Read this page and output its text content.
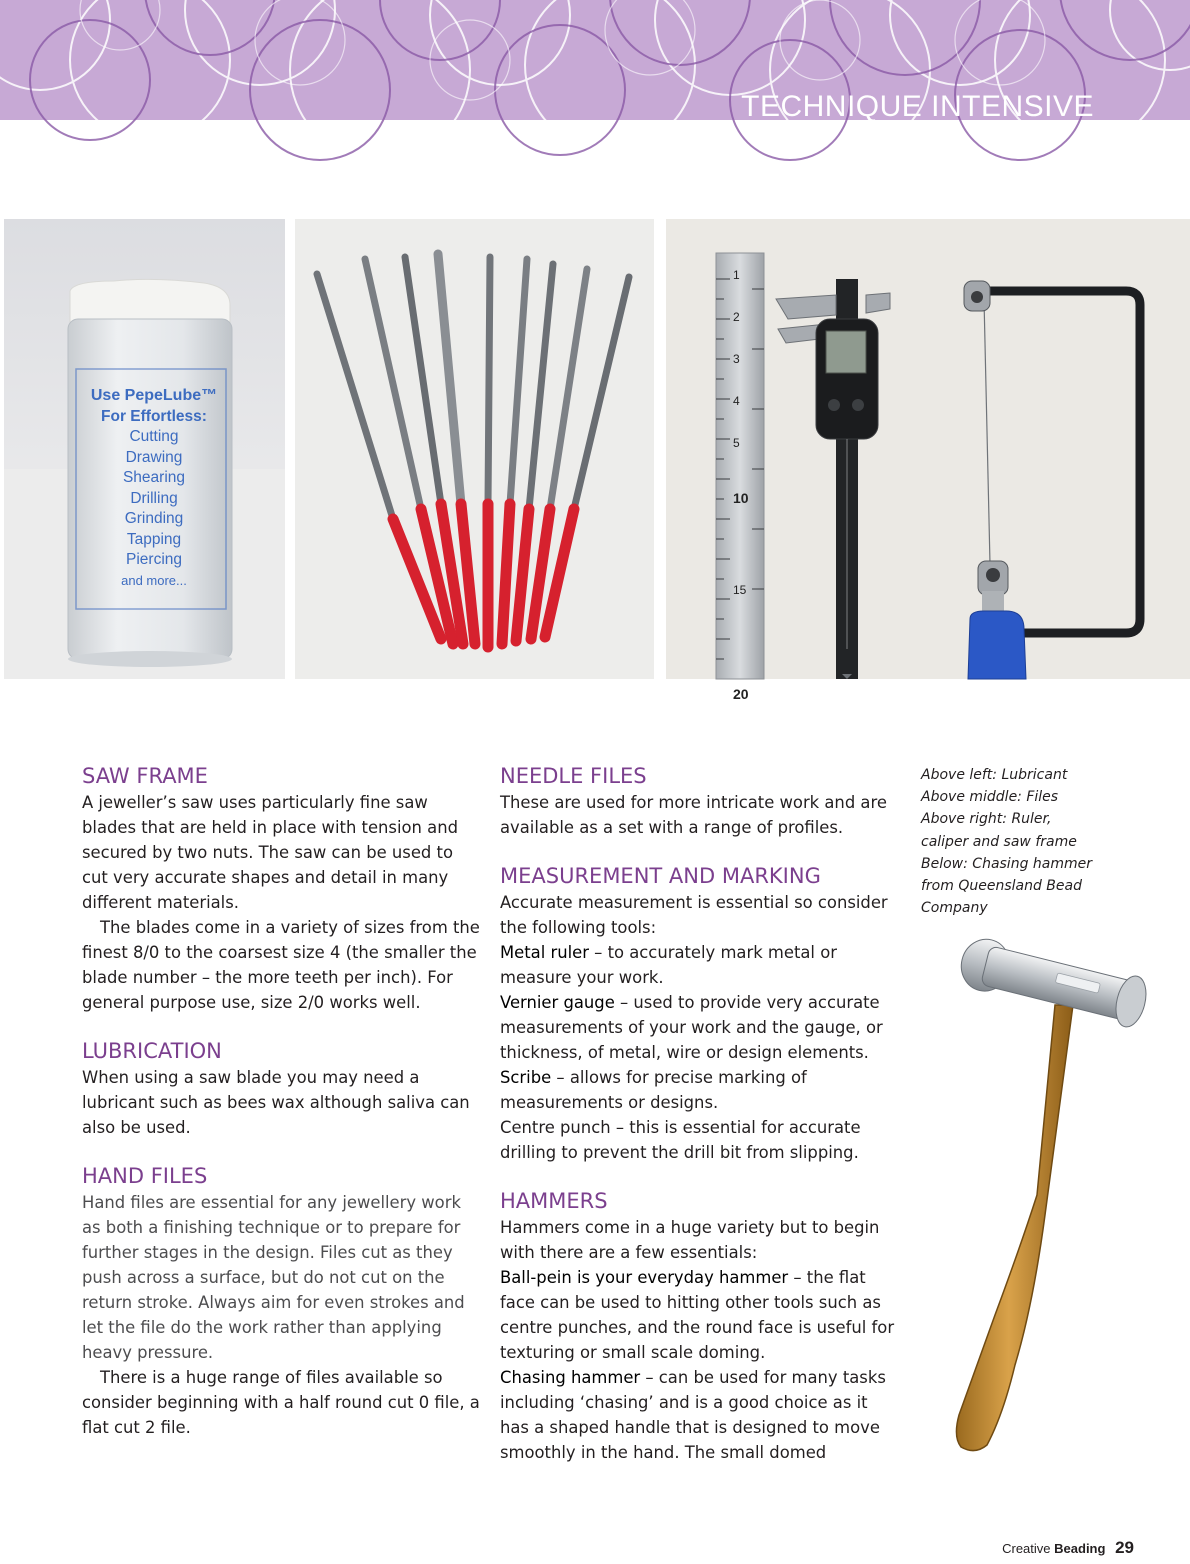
TECHNIQUE INTENSIVE
Use PepeLube™
For Effortless:
Cutting
Drawing
Shearing
Drilling
Grinding
Tapping
Piercing
and more...
1
2
3
4
5
10
15
20
SAW FRAME

A jeweller’s saw uses particularly fine saw blades that are held in place with tension and secured by two nuts. The saw can be used to cut very accurate shapes and detail in many different materials.

The blades come in a variety of sizes from the finest 8/0 to the coarsest size 4 (the smaller the blade number – the more teeth per inch). For general purpose use, size 2/0 works well.

LUBRICATION

When using a saw blade you may need a lubricant such as bees wax although saliva can also be used.

HAND FILES

Hand files are essential for any jewellery work as both a finishing technique or to prepare for further stages in the design. Files cut as they push across a surface, but do not cut on the return stroke. Always aim for even strokes and let the file do the work rather than applying heavy pressure.

There is a huge range of files available so consider beginning with a half round cut 0 file, a flat cut 2 file.

NEEDLE FILES

These are used for more intricate work and are available as a set with a range of profiles.

MEASUREMENT AND MARKING

Accurate measurement is essential so consider the following tools:

Metal ruler – to accurately mark metal or measure your work.

Vernier gauge – used to provide very accurate measurements of your work and the gauge, or thickness, of metal, wire or design elements.

Scribe – allows for precise marking of measurements or designs.

Centre punch – this is essential for accurate drilling to prevent the drill bit from slipping.

HAMMERS

Hammers come in a huge variety but to begin with there are a few essentials:

Ball-pein is your everyday hammer – the flat face can be used to hitting other tools such as centre punches, and the round face is useful for texturing or small scale doming.

Chasing hammer – can be used for many tasks including ‘chasing’ and is a good choice as it has a shaped handle that is designed to move smoothly in the hand. The small domed

Above left: Lubricant
Above middle: Files
Above right: Ruler,
caliper and saw frame
Below: Chasing hammer
from Queensland Bead
Company
Creative Beading 29
